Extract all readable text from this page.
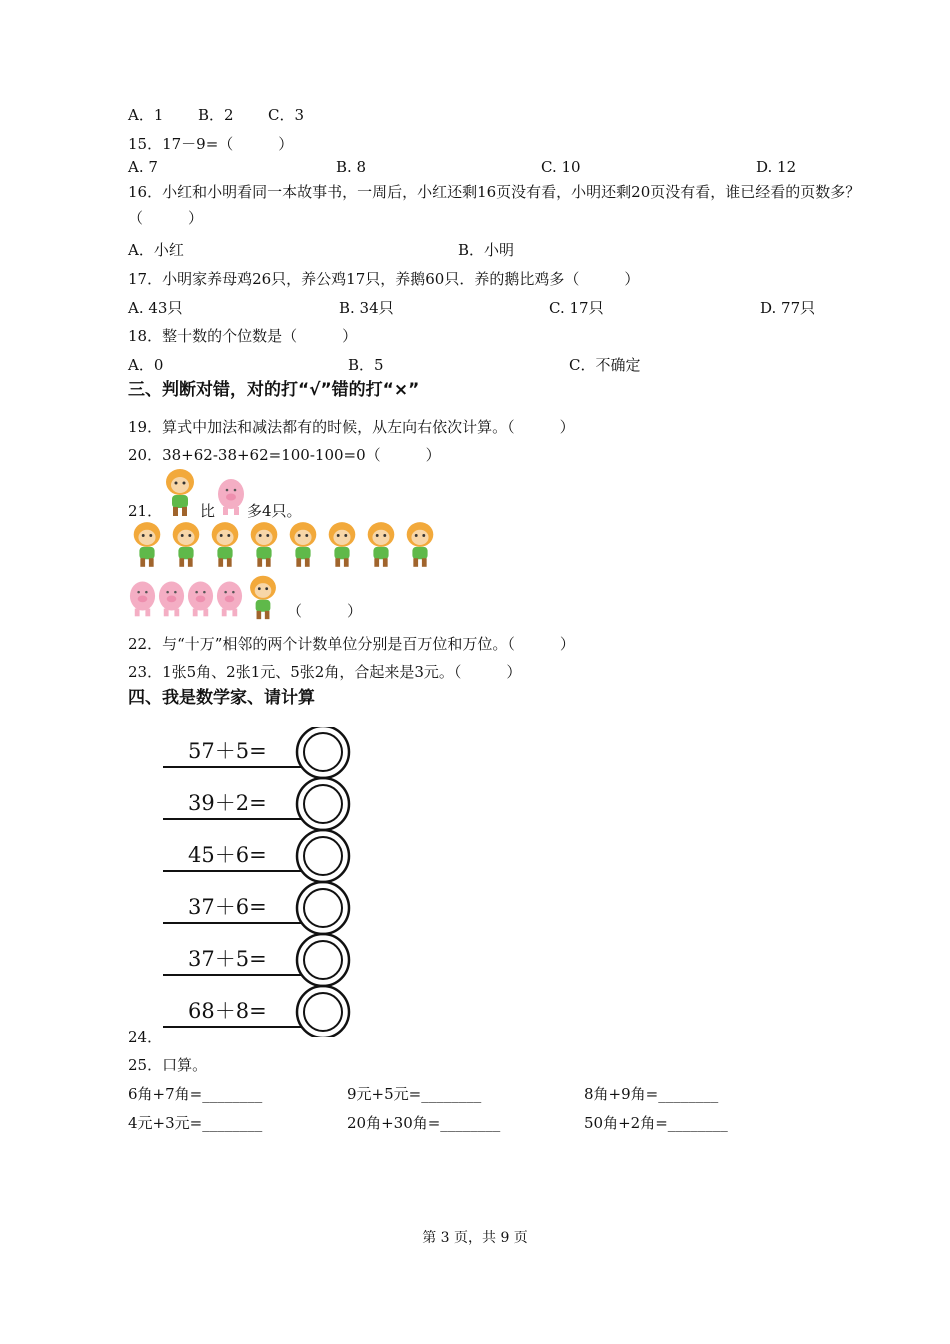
A．1 B．2 C．3
15．17－9=（　　　）
A. 7	B. 8	C. 10	D. 12
16．小红和小明看同一本故事书，一周后，小红还剩16页没有看，小明还剩20页没有看，谁已经看的页数多？
（　　　）
A．小红	B．小明
17．小明家养母鸡26只，养公鸡17只，养鹅60只．养的鹅比鸡多（　　　）
A. 43只	B. 34只	C. 17只	D. 77只
18．整十数的个位数是（　　　）
A．0	B．5	C．不确定
三、判断对错，对的打“√”错的打“×”
19．算式中加法和减法都有的时候，从左向右依次计算。（　　　）
20．38+62-38+62=100-100=0（　　　）
21．	比 多4只。
（　　　）
22．与“十万”相邻的两个计数单位分别是百万位和万位。（　　　）
23．1张5角、2张1元、5张2角，合起来是3元。（　　　）
四、我是数学家、请计算
57＋5=
39＋2=
45＋6=
37＋6=
37＋5=
68＋8=
24．
25．口算。
6角+7角=________	9元+5元=________	8角+9角=________
4元+3元=________	20角+30角=________	50角+2角=________
第 3 页，共 9 页
